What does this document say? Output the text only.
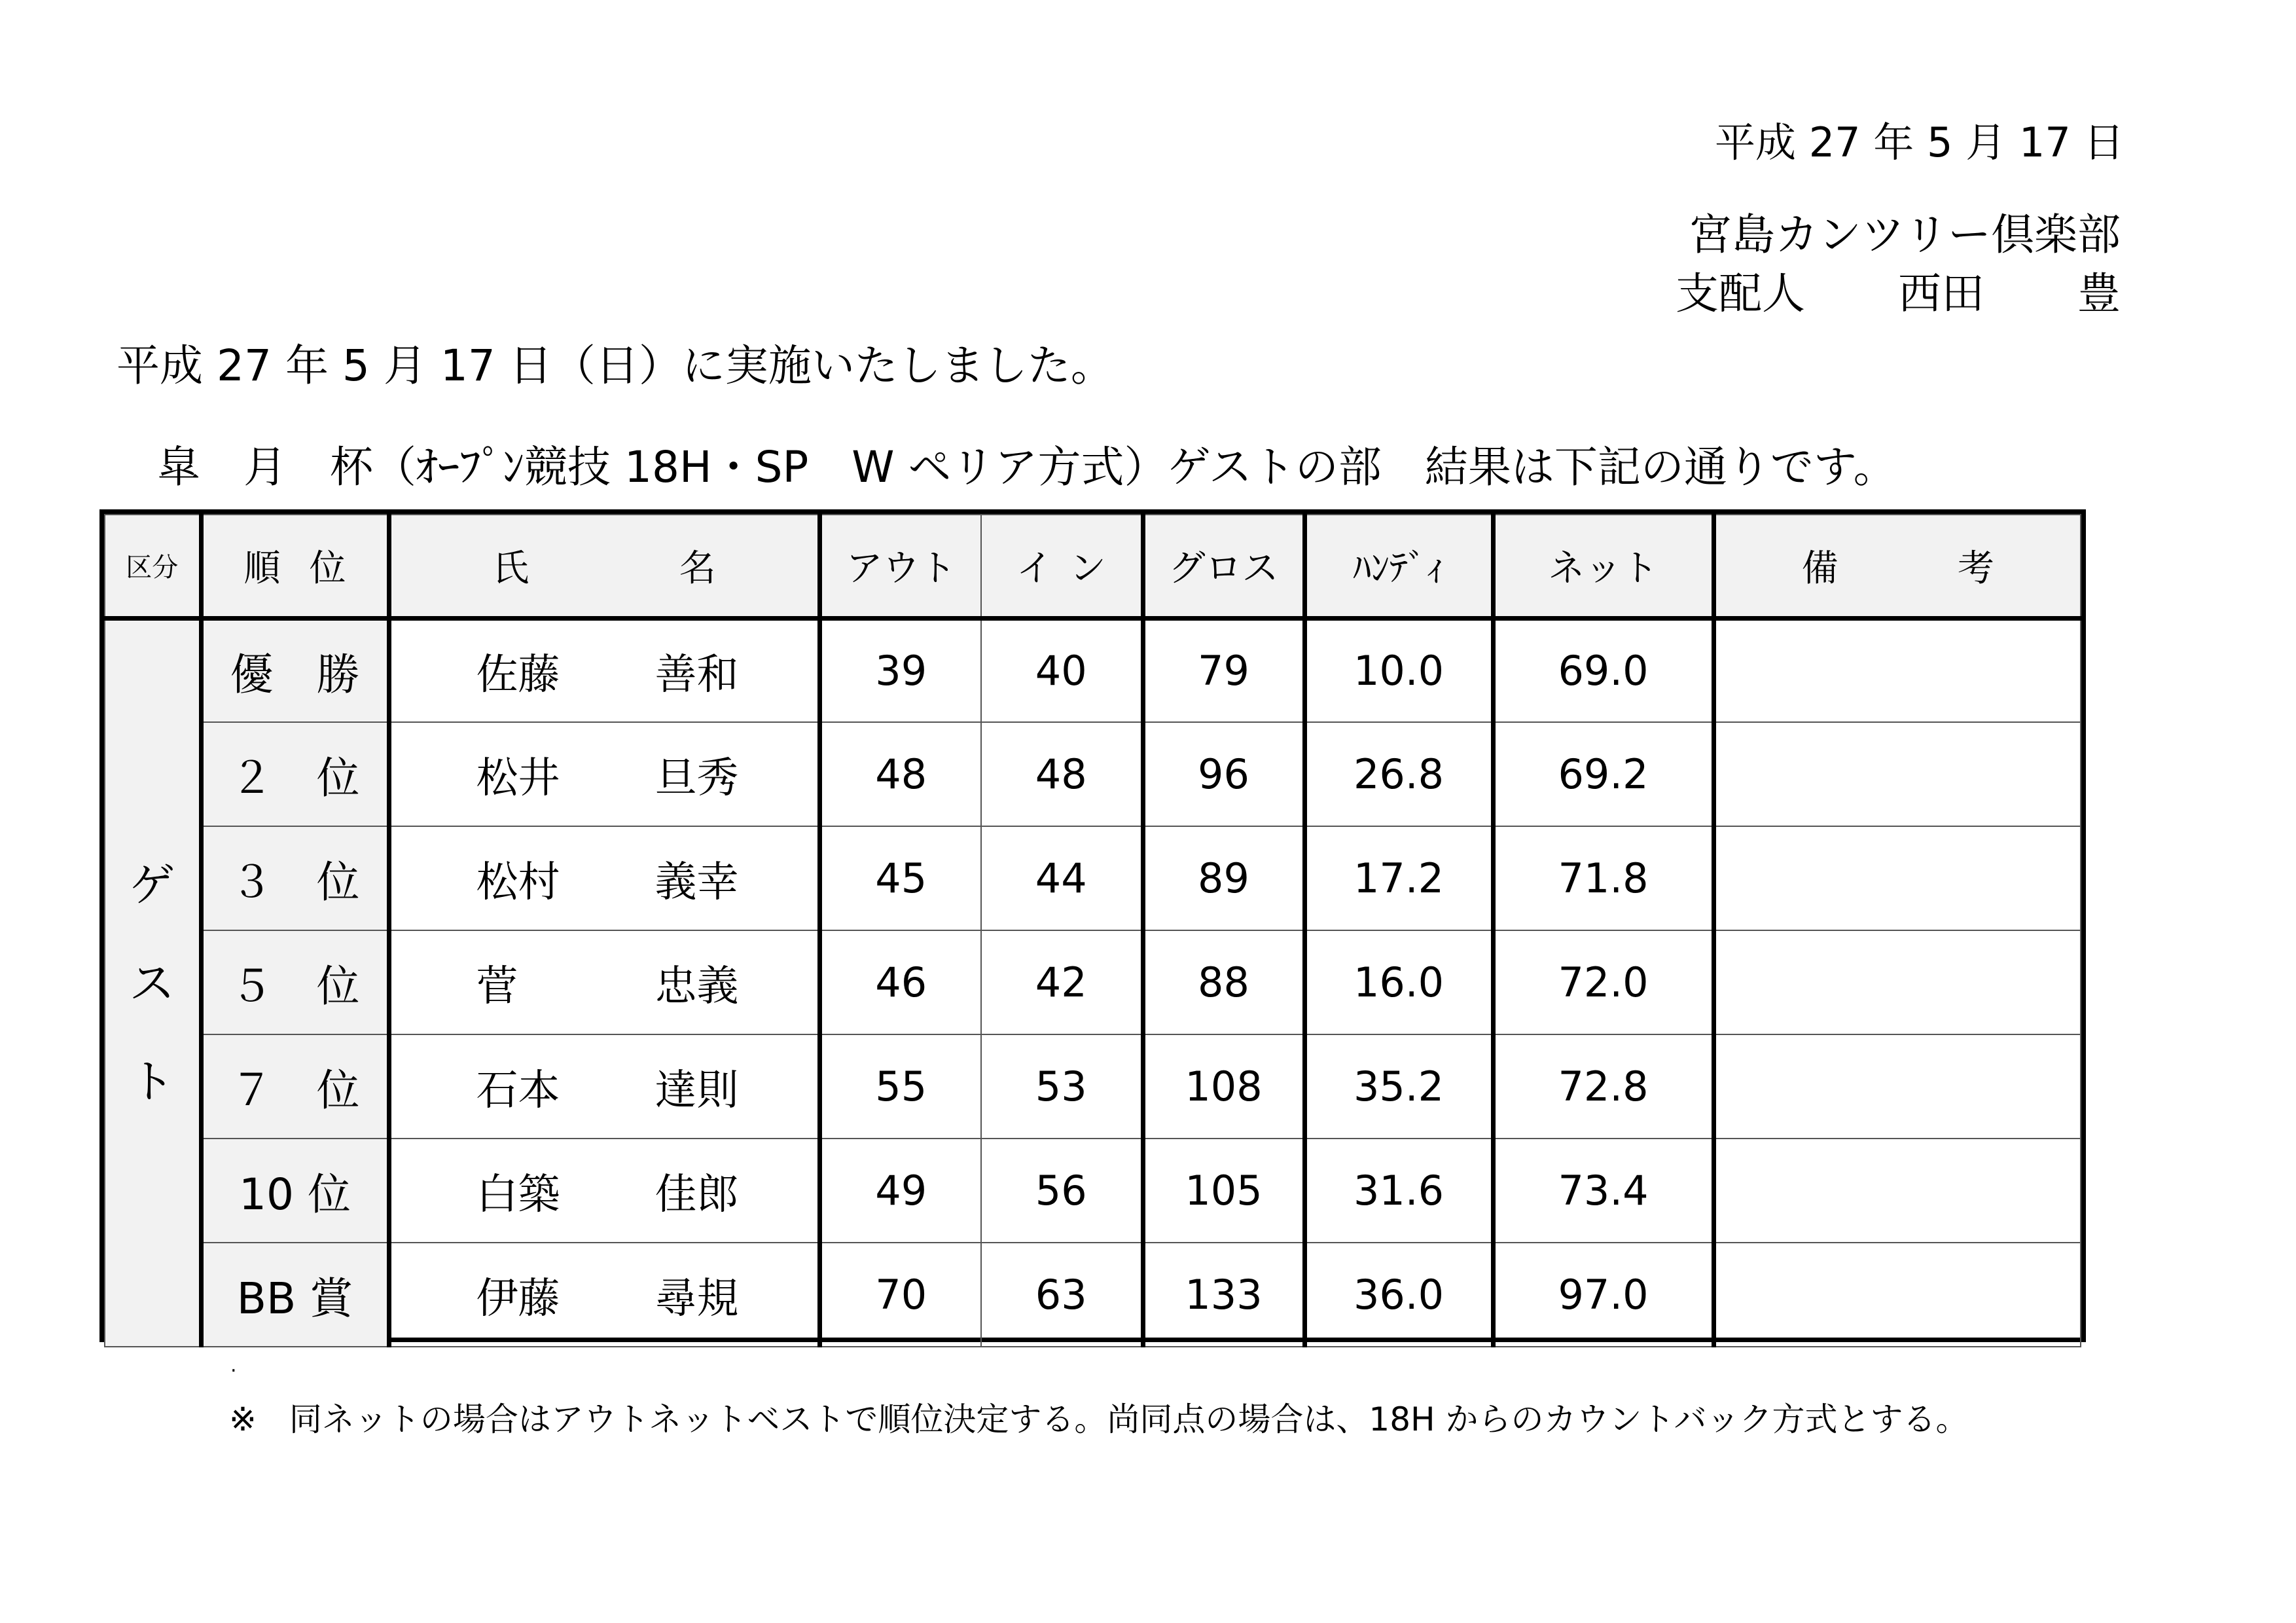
平成 27 年 5 月 17 日
宮島カンツリー倶楽部
支配人 西田 豊
平成 27 年 5 月 17 日（日）に実施いたしました。
皐　月　杯（ｵｰﾌﾟﾝ競技 18H・SP　W ペリア方式）ゲストの部　結果は下記の通りです。
区分	順 位	氏 名	アウト	イ ン	グロス	ﾊﾝﾃﾞｨ	ネット	備 考

ゲ
ス
ト	優　勝	佐藤 善和	39	40	79	10.0	69.0	
	２　位	松井 旦秀	48	48	96	26.8	69.2	
	３　位	松村 義幸	45	44	89	17.2	71.8	
	５　位	菅 忠義	46	42	88	16.0	72.0	
	７　位	石本 達則	55	53	108	35.2	72.8	
	10 位	白築 佳郎	49	56	105	31.6	73.4	
	BB 賞	伊藤 尋規	70	63	133	36.0	97.0	
.
※　同ネットの場合はアウトネットベストで順位決定する。尚同点の場合は、18H からのカウントバック方式とする。
